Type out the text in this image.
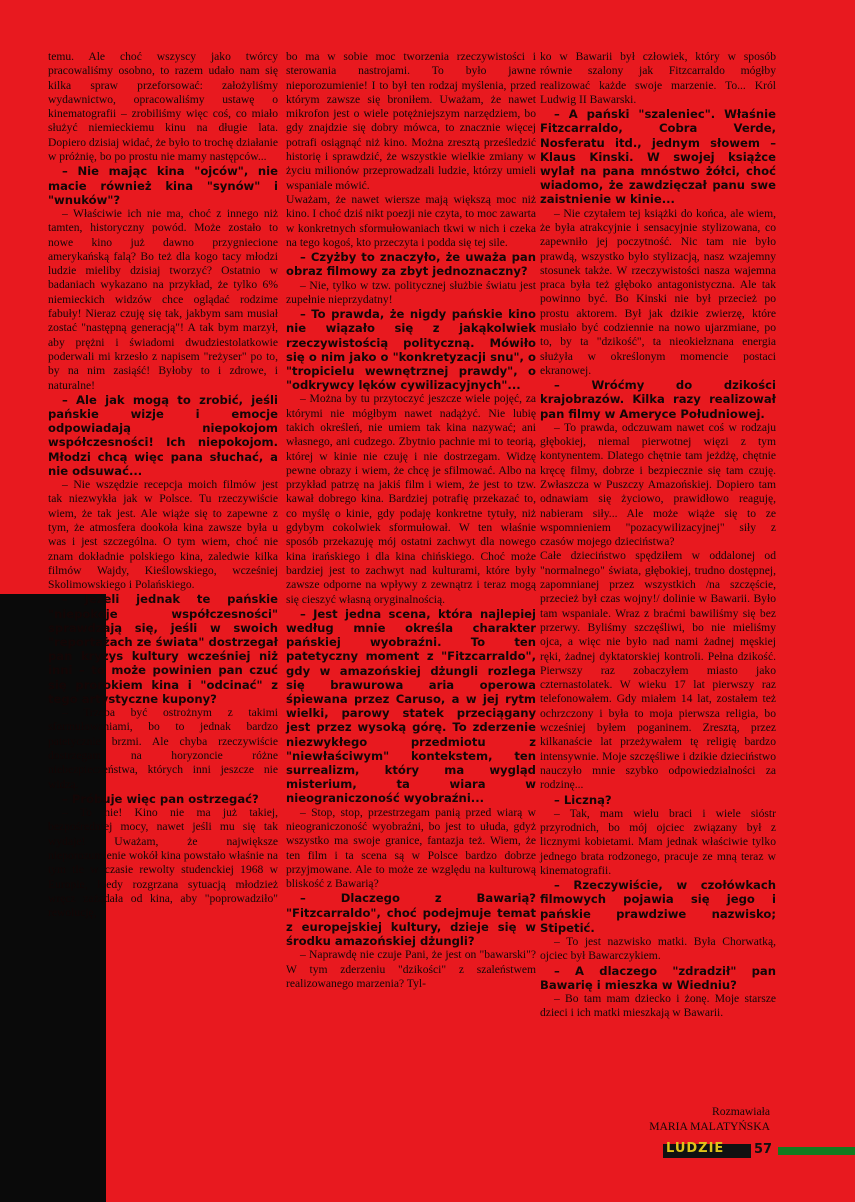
temu. Ale choć wszyscy jako twórcy pracowaliśmy osobno, to razem udało nam się kilka spraw przeforsować: założyliśmy wydawnictwo, opracowaliśmy ustawę o kinematografii – zrobiliśmy więc coś, co miało służyć niemieckiemu kinu na długie lata. Dopiero dzisiaj widać, że było to trochę działanie w próżnię, bo po prostu nie mamy następców...

– Nie mając kina "ojców", nie macie również kina "synów" i "wnuków"?

– Właściwie ich nie ma, choć z innego niż tamten, historyczny powód. Może zostało to nowe kino już dawno przygniecione amerykańską falą? Bo też dla kogo tacy młodzi ludzie mieliby dzisiaj tworzyć? Ostatnio w badaniach wykazano na przykład, że tylko 6% niemieckich widzów chce oglądać rodzime fabuły! Nieraz czuję się tak, jakbym sam musiał zostać "następną generacją"! A tak bym marzył, aby prężni i świadomi dwudziestolatkowie poderwali mi krzesło z napisem "reżyser" po to, by na nim zasiąść! Byłoby to i zdrowe, i naturalne!

– Ale jak mogą to zrobić, jeśli pańskie wizje i emocje odpowiadają niepokojom współczesności! Ich niepokojom. Młodzi chcą więc pana słuchać, a nie odsuwać...

– Nie wszędzie recepcja moich filmów jest tak niezwykła jak w Polsce. Tu rzeczywiście wiem, że tak jest. Ale wiąże się to zapewne z tym, że atmosfera dookoła kina zawsze była u was i jest szczególna. O tym wiem, choć nie znam dokładnie polskiego kina, zaledwie kilka filmów Wajdy, Kieślowskiego, wcześniej Skolimowskiego i Polańskiego.

– Jeżeli jednak te pańskie "niepokoje współczesności" sprawdzają się, jeśli w swoich "reportażach ze świata" dostrzegał pan kryzys kultury wcześniej niż inni – to może powinien pan czuć się prorokiem kina i "odcinać" z tego artystyczne kupony?

– Trzeba być ostrożnym z takimi sformułowaniami, bo to jednak bardzo patetycznie brzmi. Ale chyba rzeczywiście dostrzegam na horyzoncie różne niebezpieczeństwa, których inni jeszcze nie widzą.

– Próbuje więc pan ostrzegać?

– To nie! Kino nie ma już takiej, bezpośredniej mocy, nawet jeśli mu się tak wydaje! Uważam, że największe nieporozumienie wokół kina powstało właśnie na tym tle w czasie rewolty studenckiej 1968 w Europie, kiedy rozgrzana sytuacją młodzież wręcz zażądała od kina, aby "poprowadziło" rewolucję,

bo ma w sobie moc tworzenia rzeczywistości i sterowania nastrojami. To było jawne nieporozumienie! I to był ten rodzaj myślenia, przed którym zawsze się broniłem. Uważam, że nawet mikrofon jest o wiele potężniejszym narzędziem, bo gdy znajdzie się dobry mówca, to znacznie więcej potrafi osiągnąć niż kino. Można zresztą prześledzić historię i sprawdzić, że wszystkie wielkie zmiany w życiu milionów przeprowadzali ludzie, którzy umieli wspaniale mówić.

Uważam, że nawet wiersze mają większą moc niż kino. I choć dziś nikt poezji nie czyta, to moc zawarta w konkretnych sformułowaniach tkwi w nich i czeka na tego kogoś, kto przeczyta i podda się tej sile.

– Czyżby to znaczyło, że uważa pan obraz filmowy za zbyt jednoznaczny?

– Nie, tylko w tzw. politycznej służbie światu jest zupełnie nieprzydatny!

– To prawda, że nigdy pańskie kino nie wiązało się z jakąkolwiek rzeczywistością polityczną. Mówiło się o nim jako o "konkretyzacji snu", o "tropicielu wewnętrznej prawdy", o "odkrywcy lęków cywilizacyjnych"...

– Można by tu przytoczyć jeszcze wiele pojęć, za którymi nie mógłbym nawet nadążyć. Nie lubię takich określeń, nie umiem tak kina nazywać; ani własnego, ani cudzego. Zbytnio pachnie mi to teorią, której w kinie nie czuję i nie dostrzegam. Widzę pewne obrazy i wiem, że chcę je sfilmować. Albo na przykład patrzę na jakiś film i wiem, że jest to tzw. kawał dobrego kina. Bardziej potrafię przekazać to, co myślę o kinie, gdy podaję konkretne tytuły, niż gdybym cokolwiek sformułował. W ten właśnie sposób przekazuję mój ostatni zachwyt dla nowego kina irańskiego i dla kina chińskiego. Choć może bardziej jest to zachwyt nad kulturami, które były zawsze odporne na wpływy z zewnątrz i teraz mogą się cieszyć własną oryginalnością.

– Jest jedna scena, która najlepiej według mnie określa charakter pańskiej wyobraźni. To ten patetyczny moment z "Fitzcarraldo", gdy w amazońskiej dżungli rozlega się brawurowa aria operowa śpiewana przez Caruso, a w jej rytm wielki, parowy statek przeciągany jest przez wysoką górę. To zderzenie niezwykłego przedmiotu z "niewłaściwym" kontekstem, ten surrealizm, który ma wygląd misterium, ta wiara w nieograniczoność wyobraźni...

– Stop, stop, przestrzegam panią przed wiarą w nieograniczoność wyobraźni, bo jest to ułuda, gdyż wszystko ma swoje granice, fantazja też. Wiem, że ten film i ta scena są w Polsce bardzo dobrze przyjmowane. Ale to może ze względu na kulturową bliskość z Bawarią?

– Dlaczego z Bawarią? "Fitzcarraldo", choć podejmuje temat z europejskiej kultury, dzieje się w środku amazońskiej dżungli?

– Naprawdę nie czuje Pani, że jest on "bawarski"? W tym zderzeniu "dzikości" z szaleństwem realizowanego marzenia? Tyl-

ko w Bawarii był człowiek, który w sposób równie szalony jak Fitzcarraldo mógłby realizować każde swoje marzenie. To... Król Ludwig II Bawarski.

– A pański "szaleniec". Właśnie Fitzcarraldo, Cobra Verde, Nosferatu itd., jednym słowem – Klaus Kinski. W swojej książce wylał na pana mnóstwo żółci, choć wiadomo, że zawdzięczał panu swe zaistnienie w kinie...

– Nie czytałem tej książki do końca, ale wiem, że była atrakcyjnie i sensacyjnie stylizowana, co zapewniło jej poczytność. Nic tam nie było prawdą, wszystko było stylizacją, nasz wzajemny stosunek także. W rzeczywistości nasza wajemna praca była też głęboko antagonistyczna. Ale tak powinno być. Bo Kinski nie był przecież po prostu aktorem. Był jak dzikie zwierzę, które musiało być codziennie na nowo ujarzmiane, po to, by ta "dzikość", ta nieokiełznana energia służyła w określonym momencie postaci ekranowej.

– Wróćmy do dzikości krajobrazów. Kilka razy realizował pan filmy w Ameryce Południowej.

– To prawda, odczuwam nawet coś w rodzaju głębokiej, niemal pierwotnej więzi z tym kontynentem. Dlatego chętnie tam jeżdżę, chętnie kręcę filmy, dobrze i bezpiecznie się tam czuję. Zwłaszcza w Puszczy Amazońskiej. Dopiero tam odnawiam się życiowo, prawidłowo reaguję, nabieram siły... Ale może wiąże się to ze wspomnieniem "pozacywilizacyjnej" siły z czasów mojego dzieciństwa?

Całe dzieciństwo spędziłem w oddalonej od "normalnego" świata, głębokiej, trudno dostępnej, zapomnianej przez wszystkich /na szczęście, przecież był czas wojny!/ dolinie w Bawarii. Było tam wspaniale. Wraz z braćmi bawiliśmy się bez przerwy. Byliśmy szczęśliwi, bo nie mieliśmy ojca, a więc nie było nad nami żadnej męskiej ręki, żadnej dyktatorskiej kontroli. Pełna dzikość. Pierwszy raz zobaczyłem miasto jako czternastolatek. W wieku 17 lat pierwszy raz telefonowałem. Gdy miałem 14 lat, zostałem też ochrzczony i była to moja pierwsza religia, bo wcześniej byłem poganinem. Zresztą, przez kilkanaście lat przeżywałem tę religię bardzo intensywnie. Moje szczęśliwe i dzikie dzieciństwo nauczyło mnie szybko odpowiedzialności za rodzinę...

– Liczną?

– Tak, mam wielu braci i wiele sióstr przyrodnich, bo mój ojciec związany był z licznymi kobietami. Mam jednak właściwie tylko jednego brata rodzonego, pracuje ze mną teraz w kinematografii.

– Rzeczywiście, w czołówkach filmowych pojawia się jego i pańskie prawdziwe nazwisko; Stipetić.

– To jest nazwisko matki. Była Chorwatką, ojciec był Bawarczykiem.

– A dlaczego "zdradził" pan Bawarię i mieszka w Wiedniu?

– Bo tam mam dziecko i żonę. Moje starsze dzieci i ich matki mieszkają w Bawarii.

Rozmawiała
MARIA MALATYŃSKA
LUDZIE 57
